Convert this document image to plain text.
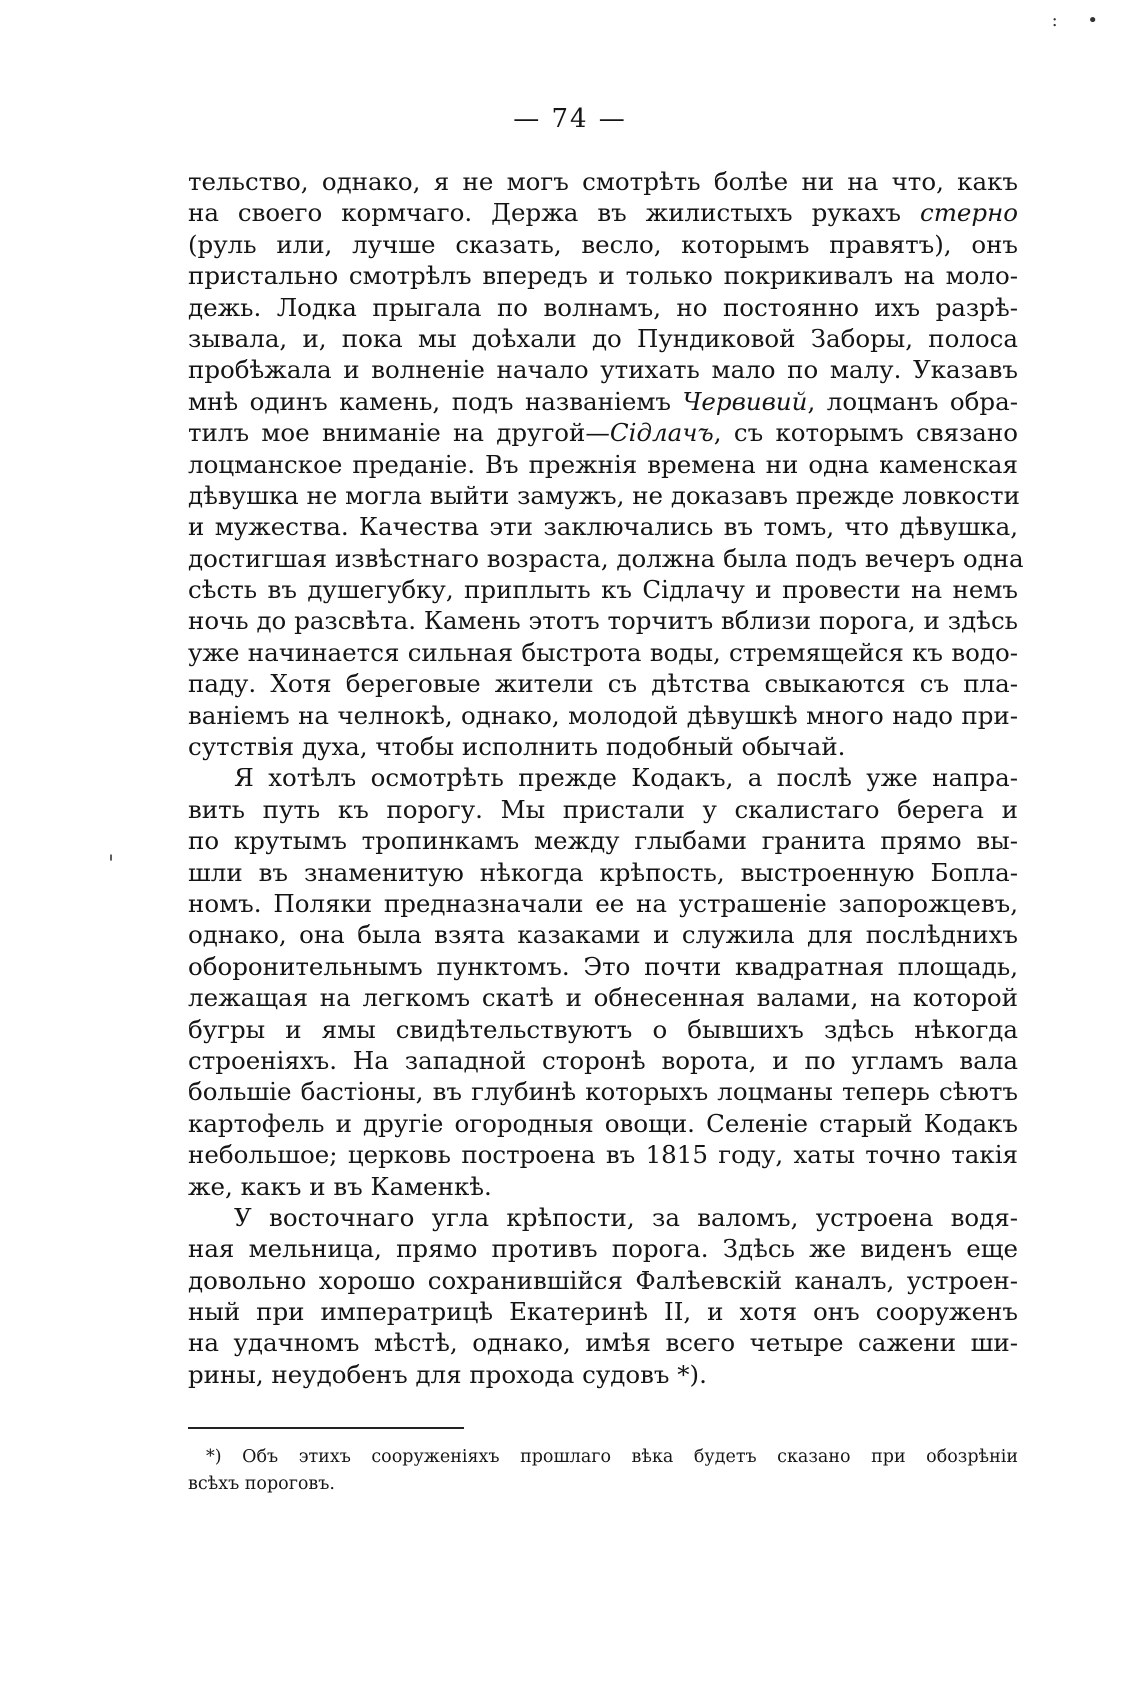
: •
— 74 —
'
тельство, однако, я не могъ смотрѣть болѣе ни на что, какъ
на своего кормчаго. Держа въ жилистыхъ рукахъ стерно
(руль или, лучше сказать, весло, которымъ правятъ), онъ
пристально смотрѣлъ впередъ и только покрикивалъ на моло-
дежь. Лодка прыгала по волнамъ, но постоянно ихъ разрѣ-
зывала, и, пока мы доѣхали до Пундиковой Заборы, полоса
пробѣжала и волненіе начало утихать мало по малу. Указавъ
мнѣ одинъ камень, подъ названіемъ Червивий, лоцманъ обра-
тилъ мое вниманіе на другой—Сідлачъ, съ которымъ связано
лоцманское преданіе. Въ прежнія времена ни одна каменская
дѣвушка не могла выйти замужъ, не доказавъ прежде ловкости
и мужества. Качества эти заключались въ томъ, что дѣвушка,
достигшая извѣстнаго возраста, должна была подъ вечеръ одна
сѣсть въ душегубку, приплыть къ Сідлачу и провести на немъ
ночь до разсвѣта. Камень этотъ торчитъ вблизи порога, и здѣсь
уже начинается сильная быстрота воды, стремящейся къ водо-
паду. Хотя береговые жители съ дѣтства свыкаются съ пла-
ваніемъ на челнокѣ, однако, молодой дѣвушкѣ много надо при-
сутствія духа, чтобы исполнить подобный обычай.
Я хотѣлъ осмотрѣть прежде Кодакъ, а послѣ уже напра-
вить путь къ порогу. Мы пристали у скалистаго берега и
по крутымъ тропинкамъ между глыбами гранита прямо вы-
шли въ знаменитую нѣкогда крѣпость, выстроенную Бопла-
номъ. Поляки предназначали ее на устрашеніе запорожцевъ,
однако, она была взята казаками и служила для послѣднихъ
оборонительнымъ пунктомъ. Это почти квадратная площадь,
лежащая на легкомъ скатѣ и обнесенная валами, на которой
бугры и ямы свидѣтельствуютъ о бывшихъ здѣсь нѣкогда
строеніяхъ. На западной сторонѣ ворота, и по угламъ вала
большіе бастіоны, въ глубинѣ которыхъ лоцманы теперь сѣютъ
картофель и другіе огородныя овощи. Селеніе старый Кодакъ
небольшое; церковь построена въ 1815 году, хаты точно такія
же, какъ и въ Каменкѣ.
У восточнаго угла крѣпости, за валомъ, устроена водя-
ная мельница, прямо противъ порога. Здѣсь же виденъ еще
довольно хорошо сохранившійся Фалѣевскій каналъ, устроен-
ный при императрицѣ Екатеринѣ II, и хотя онъ сооруженъ
на удачномъ мѣстѣ, однако, имѣя всего четыре сажени ши-
рины, неудобенъ для прохода судовъ *).
*) Объ этихъ сооруженіяхъ прошлаго вѣка будетъ сказано при обозрѣніи
всѣхъ пороговъ.
